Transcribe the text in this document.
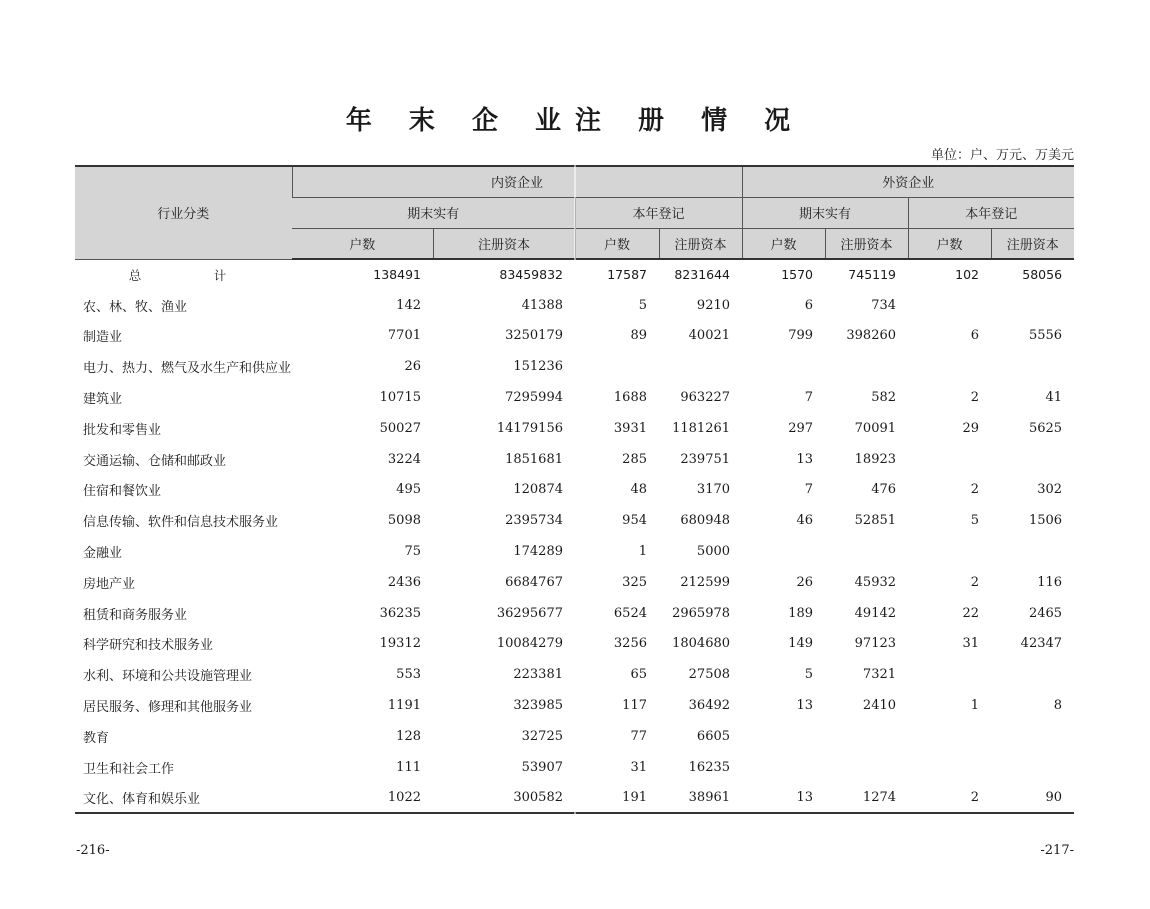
年 末 企 业注 册 情 况
单位：户、万元、万美元
行业分类	内资企业				外资企业			
	期末实有		本年登记		期末实有		本年登记	
	户数	注册资本	户数	注册资本	户数	注册资本	户数	注册资本
总　计	138491	83459832	17587	8231644	1570	745119	102	58056
农、林、牧、渔业	142	41388	5	9210	6	734		
制造业	7701	3250179	89	40021	799	398260	6	5556
电力、热力、燃气及水生产和供应业	26	151236						
建筑业	10715	7295994	1688	963227	7	582	2	41
批发和零售业	50027	14179156	3931	1181261	297	70091	29	5625
交通运输、仓储和邮政业	3224	1851681	285	239751	13	18923		
住宿和餐饮业	495	120874	48	3170	7	476	2	302
信息传输、软件和信息技术服务业	5098	2395734	954	680948	46	52851	5	1506
金融业	75	174289	1	5000				
房地产业	2436	6684767	325	212599	26	45932	2	116
租赁和商务服务业	36235	36295677	6524	2965978	189	49142	22	2465
科学研究和技术服务业	19312	10084279	3256	1804680	149	97123	31	42347
水利、环境和公共设施管理业	553	223381	65	27508	5	7321		
居民服务、修理和其他服务业	1191	323985	117	36492	13	2410	1	8
教育	128	32725	77	6605				
卫生和社会工作	111	53907	31	16235				
文化、体育和娱乐业	1022	300582	191	38961	13	1274	2	90
-216-	-217-
